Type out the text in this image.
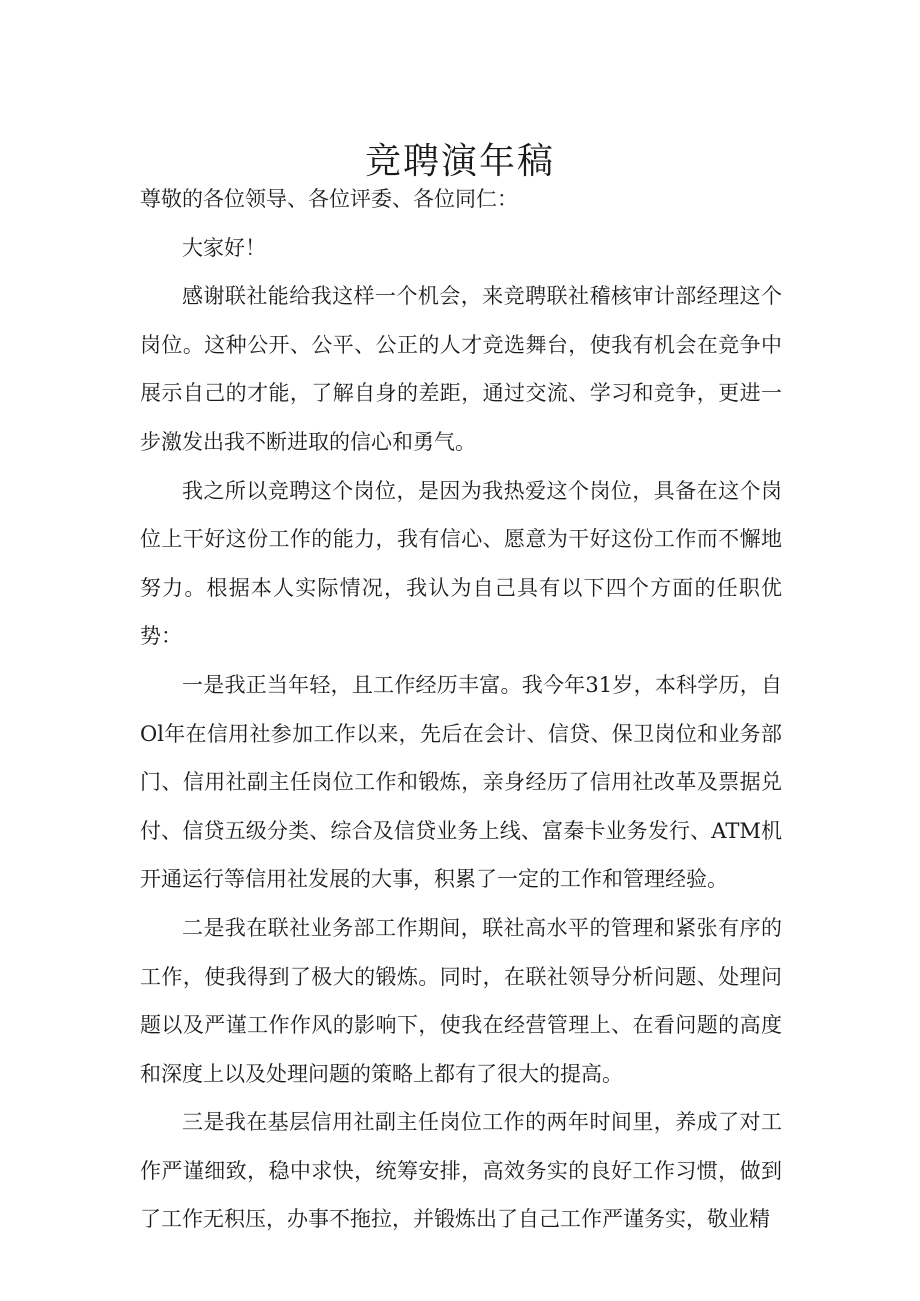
竞聘演年稿

尊敬的各位领导、各位评委、各位同仁：

大家好！

感谢联社能给我这样一个机会，来竞聘联社稽核审计部经理这个岗位。这种公开、公平、公正的人才竞选舞台，使我有机会在竞争中展示自己的才能，了解自身的差距，通过交流、学习和竞争，更进一步激发出我不断进取的信心和勇气。

我之所以竞聘这个岗位，是因为我热爱这个岗位，具备在这个岗位上干好这份工作的能力，我有信心、愿意为干好这份工作而不懈地努力。根据本人实际情况，我认为自己具有以下四个方面的任职优势：

一是我正当年轻，且工作经历丰富。我今年31岁，本科学历，自Ol年在信用社参加工作以来，先后在会计、信贷、保卫岗位和业务部门、信用社副主任岗位工作和锻炼，亲身经历了信用社改革及票据兑付、信贷五级分类、综合及信贷业务上线、富秦卡业务发行、ATM机开通运行等信用社发展的大事，积累了一定的工作和管理经验。

二是我在联社业务部工作期间，联社高水平的管理和紧张有序的工作，使我得到了极大的锻炼。同时，在联社领导分析问题、处理问题以及严谨工作作风的影响下，使我在经营管理上、在看问题的高度和深度上以及处理问题的策略上都有了很大的提高。

三是我在基层信用社副主任岗位工作的两年时间里，养成了对工作严谨细致，稳中求快，统筹安排，高效务实的良好工作习惯，做到了工作无积压，办事不拖拉，并锻炼出了自己工作严谨务实，敬业精
